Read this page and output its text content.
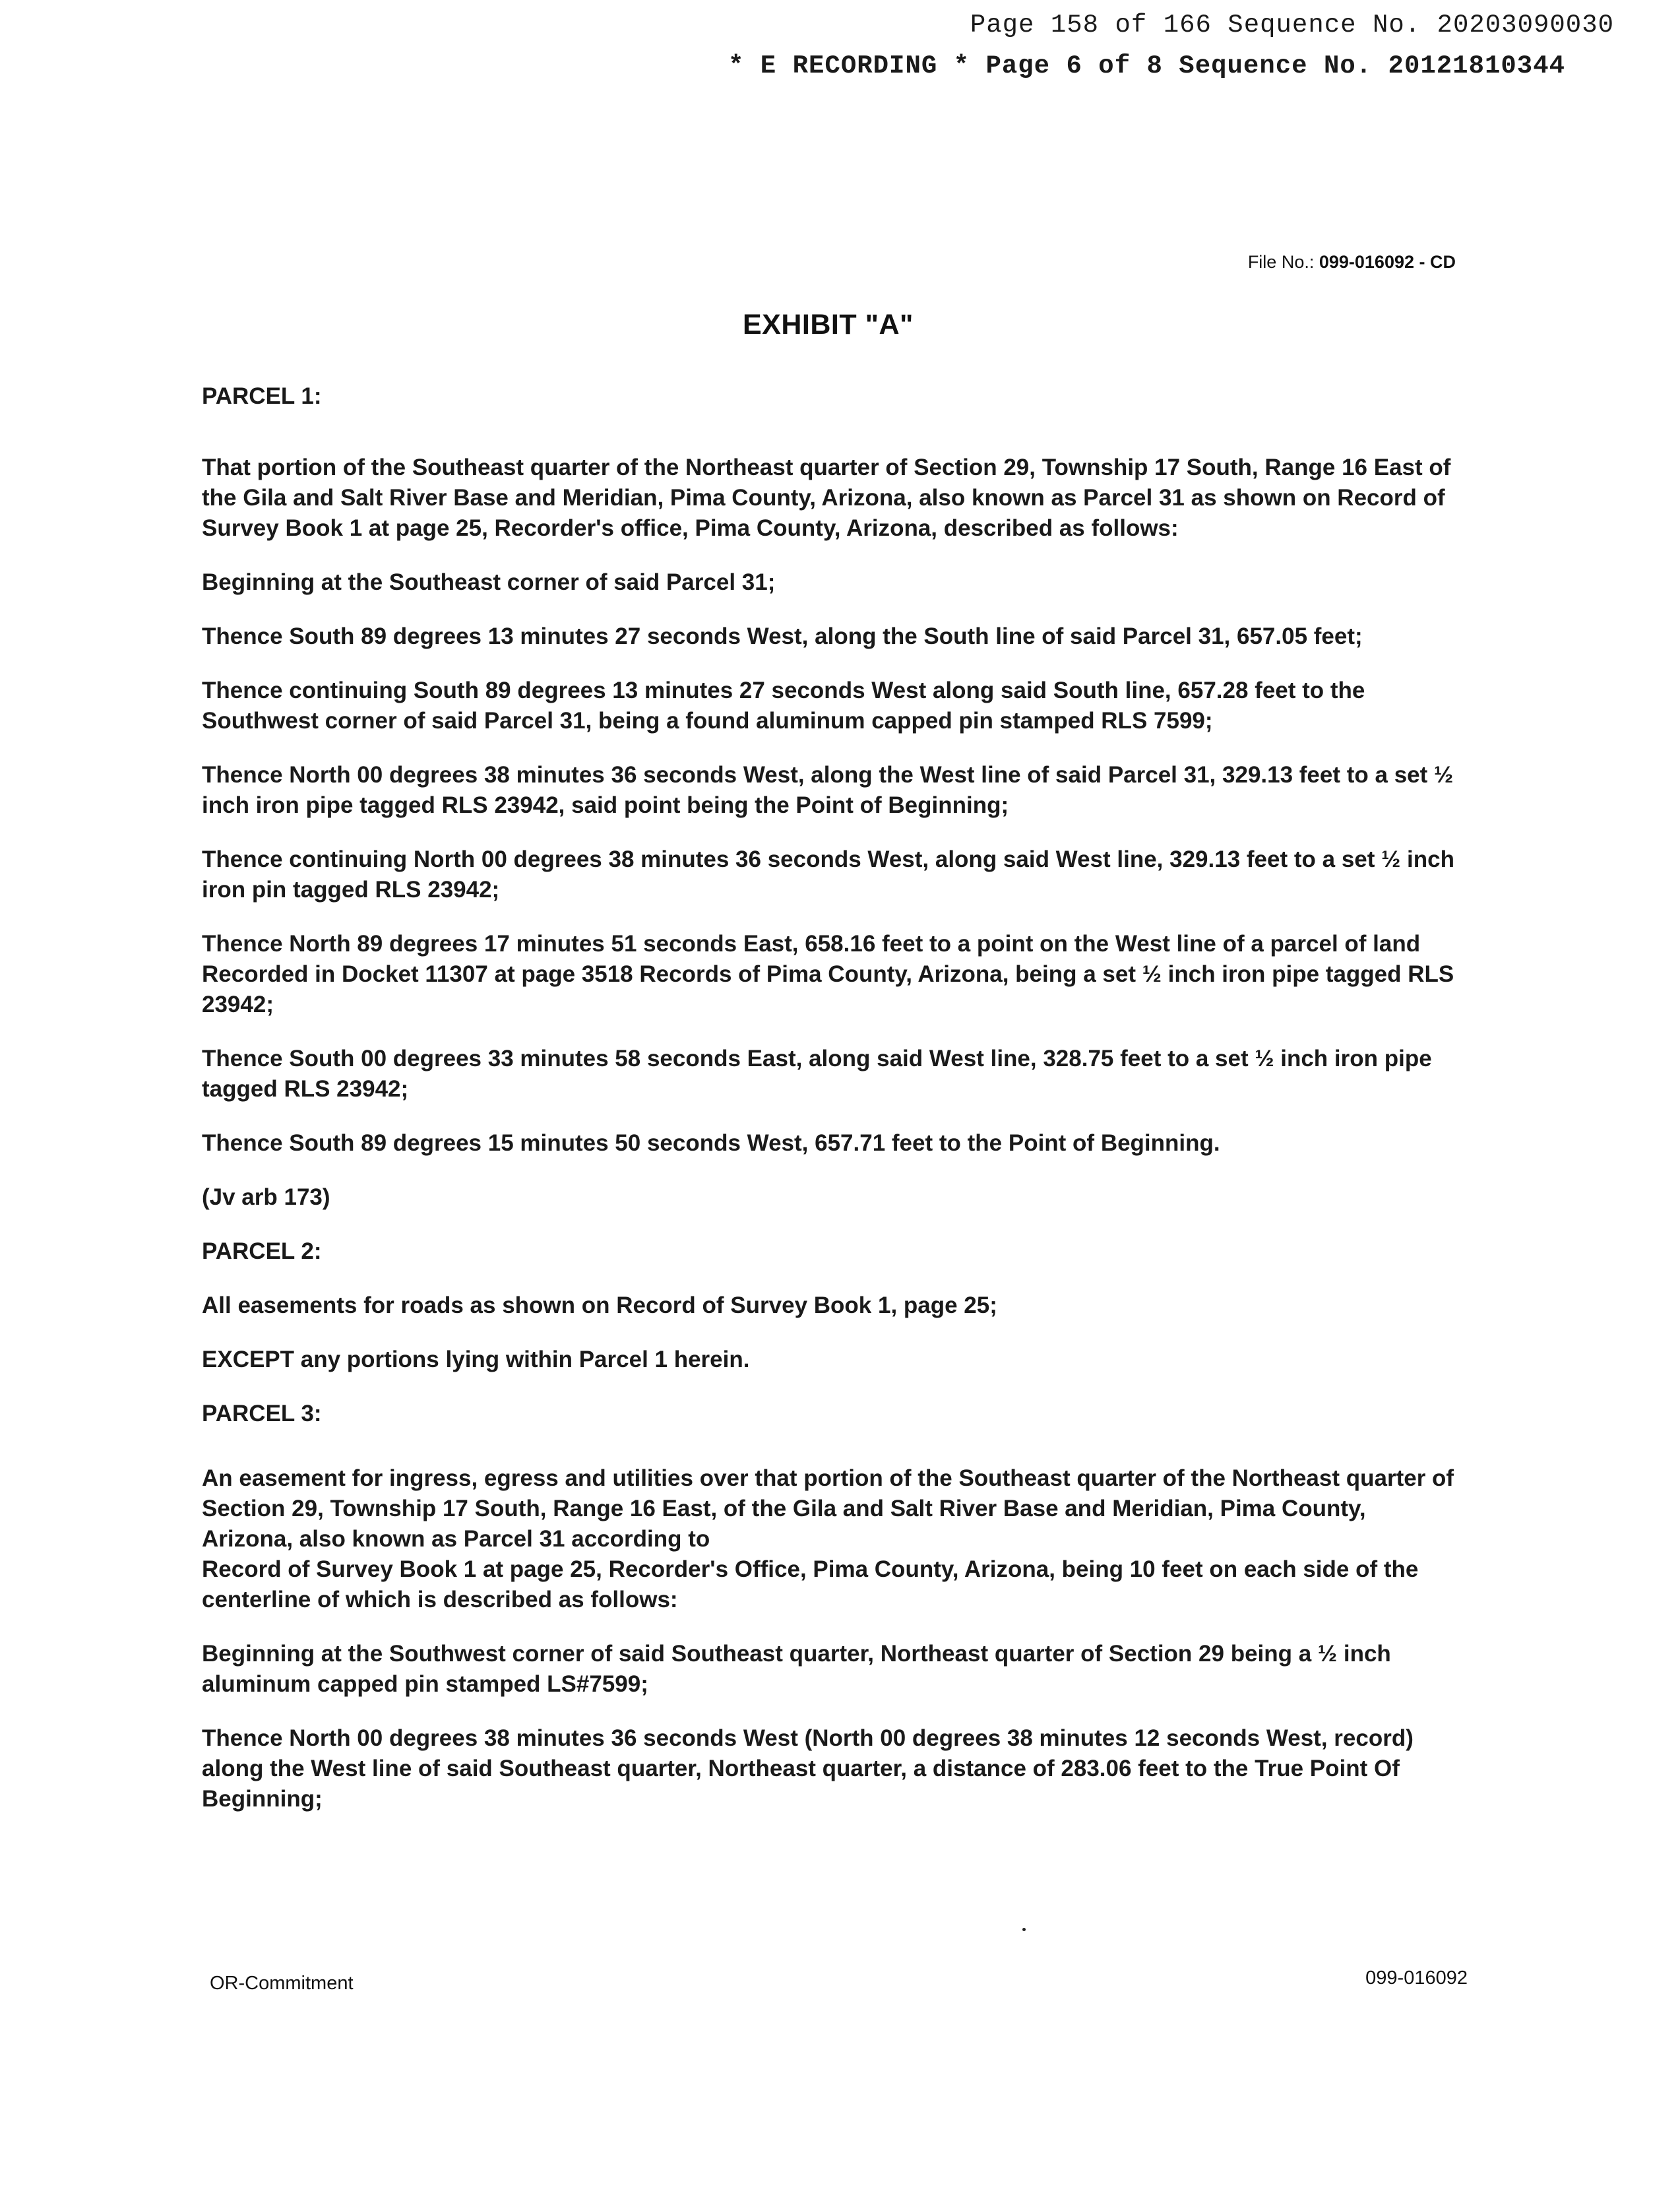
Page 158 of 166 Sequence No. 20203090030
* E RECORDING * Page 6 of 8 Sequence No. 20121810344
File No.: 099-016092 - CD
EXHIBIT "A"

PARCEL 1:

That portion of the Southeast quarter of the Northeast quarter of Section 29, Township 17 South, Range 16 East of the Gila and Salt River Base and Meridian, Pima County, Arizona, also known as Parcel 31 as shown on Record of Survey Book 1 at page 25, Recorder's office, Pima County, Arizona, described as follows:

Beginning at the Southeast corner of said Parcel 31;

Thence South 89 degrees 13 minutes 27 seconds West, along the South line of said Parcel 31, 657.05 feet;

Thence continuing South 89 degrees 13 minutes 27 seconds West along said South line, 657.28 feet to the Southwest corner of said Parcel 31, being a found aluminum capped pin stamped RLS 7599;

Thence North 00 degrees 38 minutes 36 seconds West, along the West line of said Parcel 31, 329.13 feet to a set ½ inch iron pipe tagged RLS 23942, said point being the Point of Beginning;

Thence continuing North 00 degrees 38 minutes 36 seconds West, along said West line, 329.13 feet to a set ½ inch iron pin tagged RLS 23942;

Thence North 89 degrees 17 minutes 51 seconds East, 658.16 feet to a point on the West line of a parcel of land Recorded in Docket 11307 at page 3518 Records of Pima County, Arizona, being a set ½ inch iron pipe tagged RLS 23942;

Thence South 00 degrees 33 minutes 58 seconds East, along said West line, 328.75 feet to a set ½ inch iron pipe tagged RLS 23942;

Thence South 89 degrees 15 minutes 50 seconds West, 657.71 feet to the Point of Beginning.

(Jv arb 173)

PARCEL 2:

All easements for roads as shown on Record of Survey Book 1, page 25;

EXCEPT any portions lying within Parcel 1 herein.

PARCEL 3:

An easement for ingress, egress and utilities over that portion of the Southeast quarter of the Northeast quarter of Section 29, Township 17 South, Range 16 East, of the Gila and Salt River Base and Meridian, Pima County, Arizona, also known as Parcel 31 according to

Record of Survey Book 1 at page 25, Recorder's Office, Pima County, Arizona, being 10 feet on each side of the centerline of which is described as follows:

Beginning at the Southwest corner of said Southeast quarter, Northeast quarter of Section 29 being a ½ inch aluminum capped pin stamped LS#7599;

Thence North 00 degrees 38 minutes 36 seconds West (North 00 degrees 38 minutes 12 seconds West, record) along the West line of said Southeast quarter, Northeast quarter, a distance of 283.06 feet to the True Point Of Beginning;

OR-Commitment	099-016092
